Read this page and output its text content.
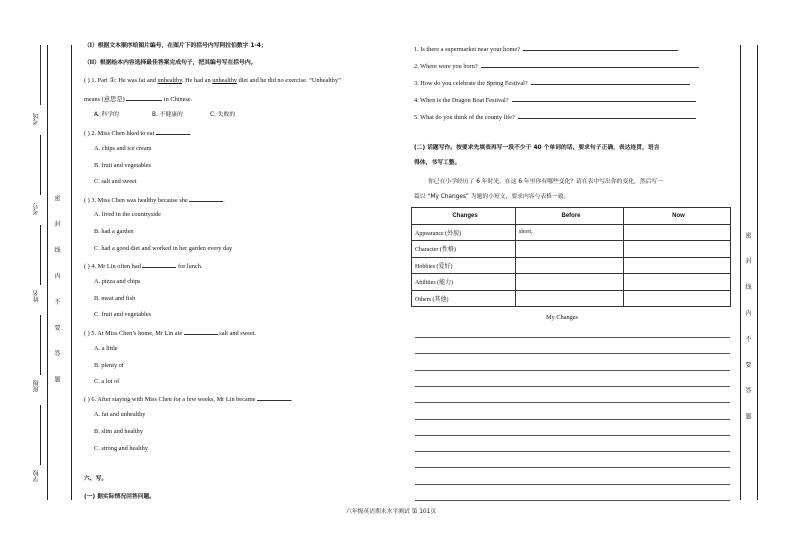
考场
考号
姓名
班级
学校
密 封 线 内 不 要 答 题	密 封 线 内 不 要 答 题
（I）根据文本顺序给图片编号，在图片下的括号内写阿拉伯数字 1-4；
（II）根据绘本内容选择最佳答案完成句子，把其编号写在括号内。
( ) 1. Part ①: He was fat and unhealthy. He had an unhealthy diet and he did no exercise. “Unhealthy”
means (意思是)	in Chinese.
A. 科学的	B. 不健康的	C. 失败的
( ) 2. Miss Chen liked to eat	.
A. chips and ice cream
B. fruit and vegetables
C. salt and sweet
( ) 3. Miss Chen was healthy because she	.
A. lived in the countryside
B. had a garden
C. had a good diet and worked in her garden every day
( ) 4. Mr Lin often had	for lunch.
A. pizza and chips
B. meat and fish
C. fruit and vegetables
( ) 5. At Miss Chen’s home, Mr Lin ate	salt and sweet.
A. a little
B. plenty of
C. a lot of
( ) 6. After staying with Miss Chen for a few weeks, Mr Lin became	.
A. fat and unhealthy
B. slim and healthy
C. strong and healthy
六、写。
(一) 据实际情况回答问题。
1. Is there a supermarket near your home?
2. Where were you born?
3. How do you celebrate the Spring Festival?
4. When is the Dragon Boat Festival?
5. What do you think of the county life?
(二) 话题写作。按要求先填表再写一段不少于 40 个单词的话，要求句子正确，表达连贯，语言
得体，书写工整。
你已在小学经历了 6 年时光，在这 6 年里你有哪些变化？请在表中写出你的变化，然后写一
篇以 “My Changes” 为题的小短文，要求内容与表格一致。
Changes	Before	Now
Appearance (外貌)	short,	
Character (性格)		
Hobbies (爱好)		
Abilities (能力)		
Others (其他)		
My Changes
六年级英语期末水平测试 第 101页
